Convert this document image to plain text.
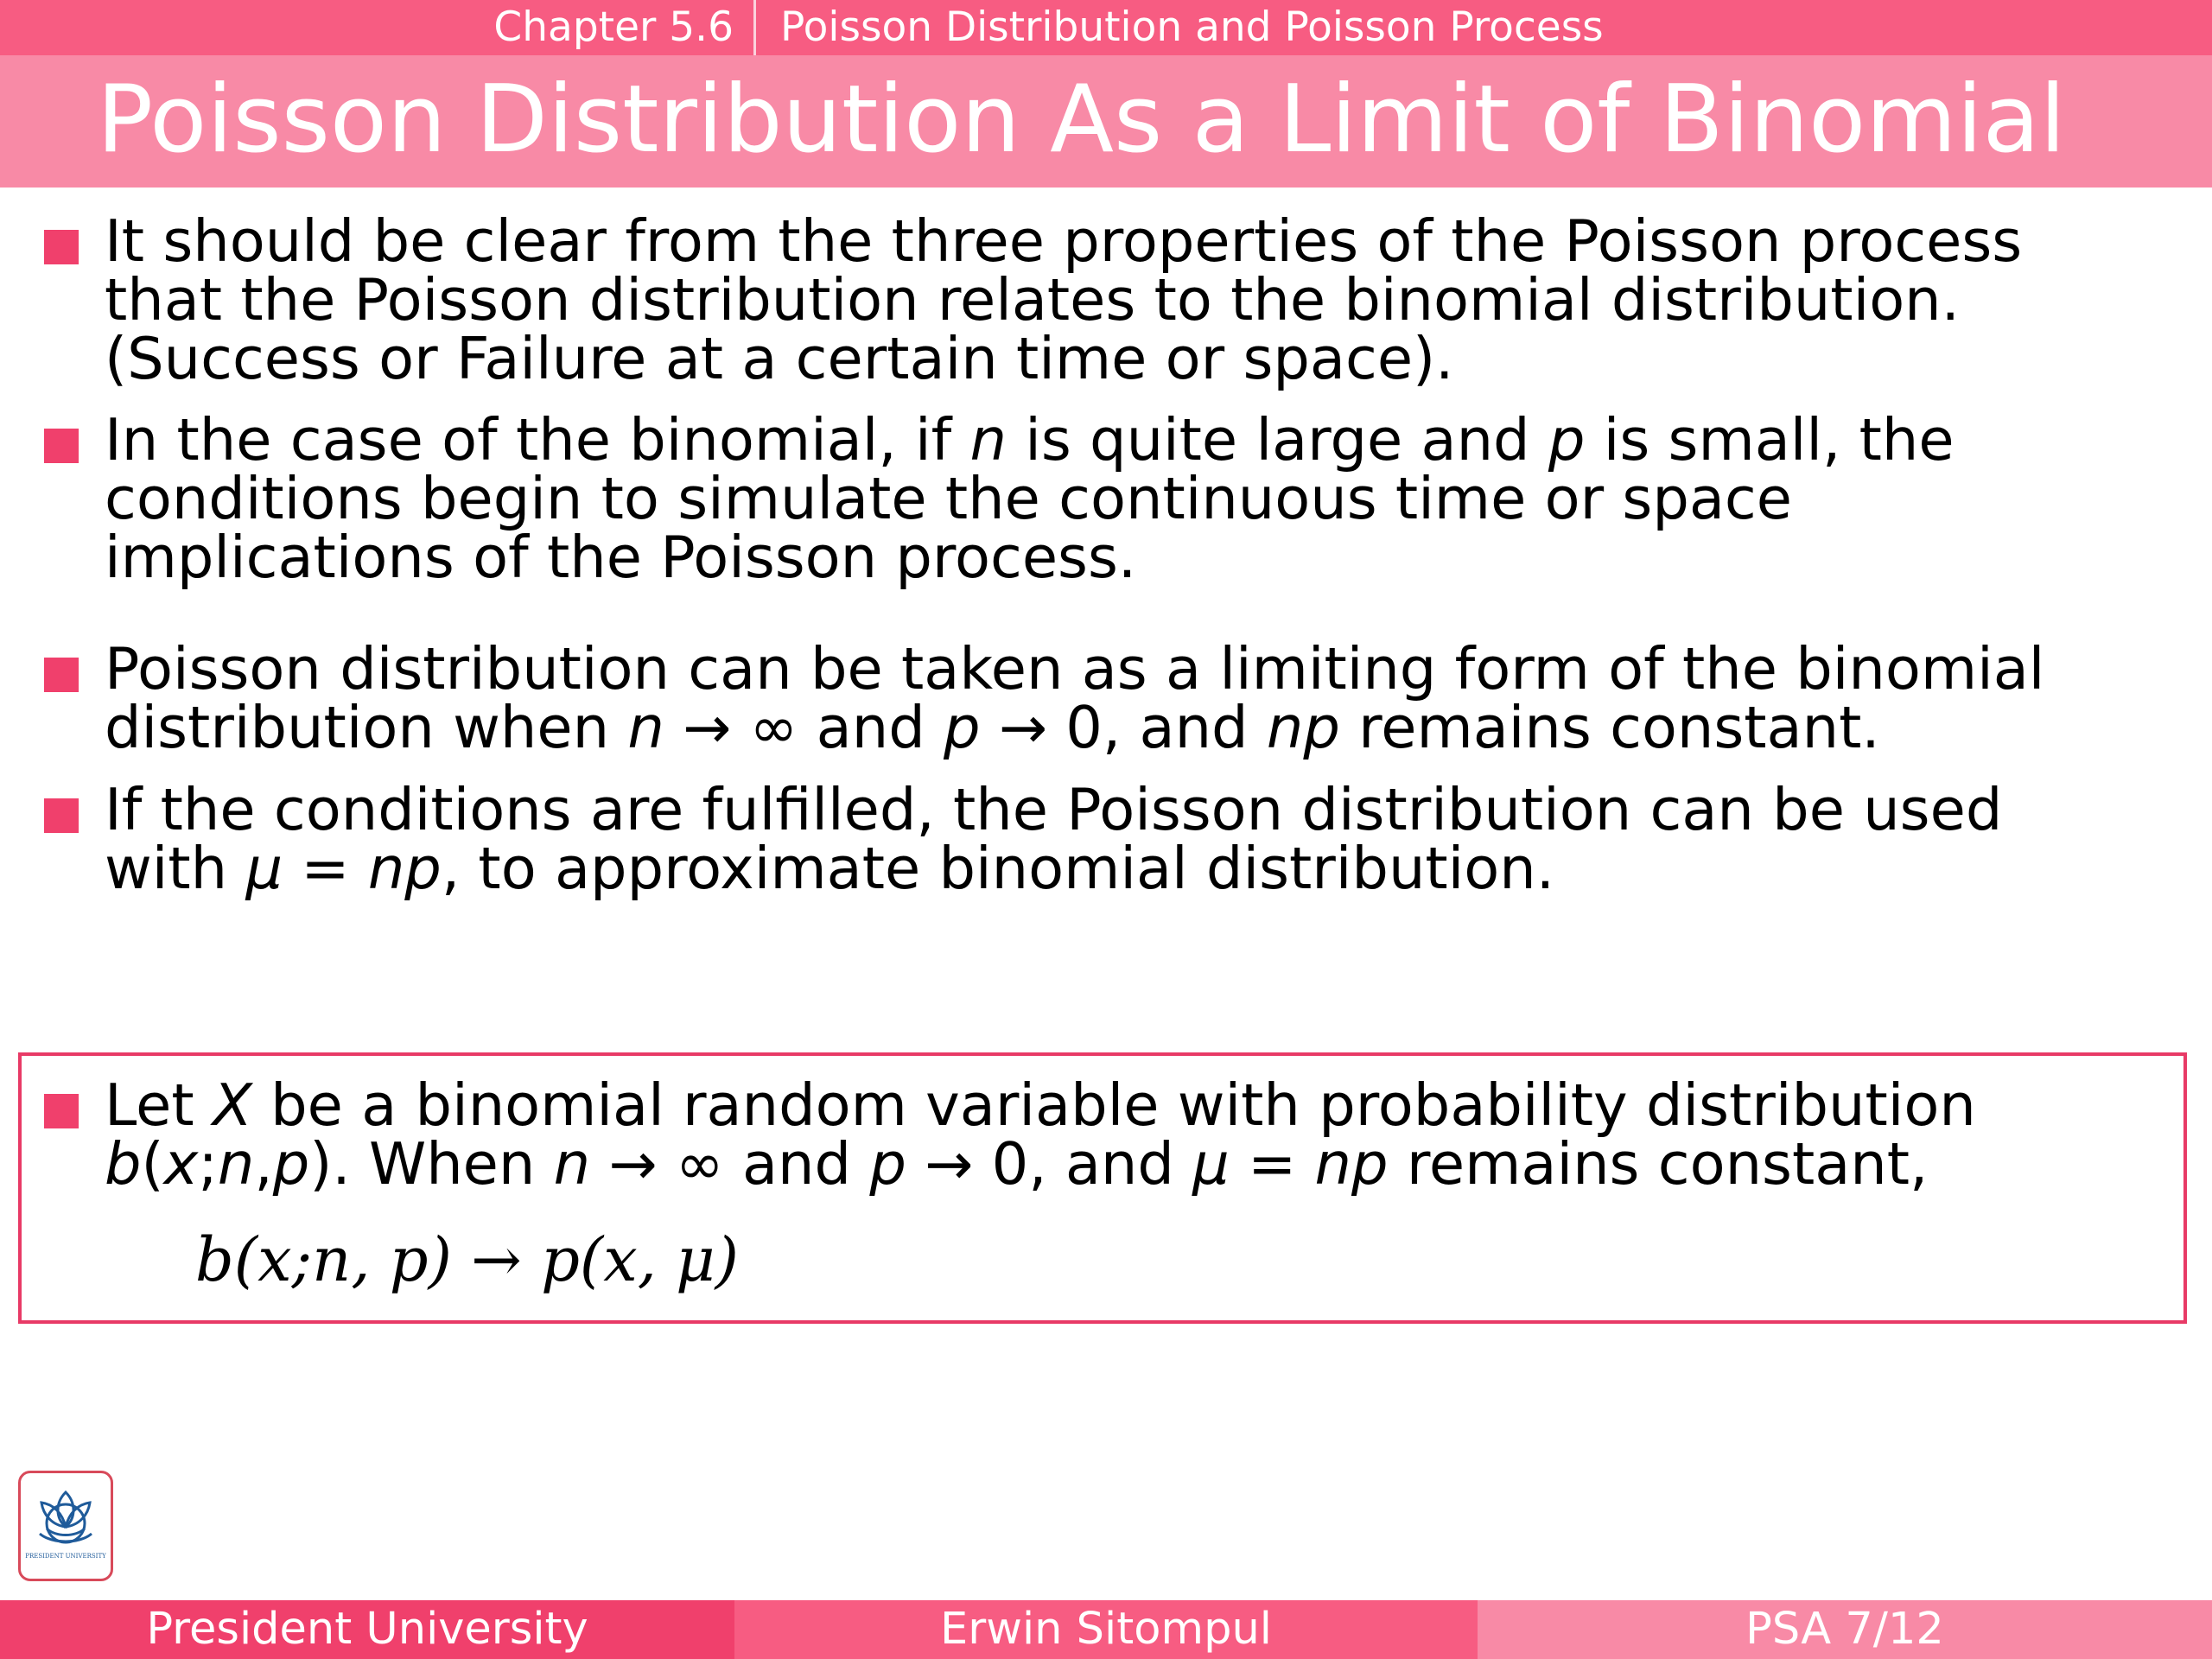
Chapter 5.6	Poisson Distribution and Poisson Process
Poisson Distribution As a Limit of Binomial
It should be clear from the three properties of the Poisson process
that the Poisson distribution relates to the binomial distribution.
(Success or Failure at a certain time or space).
In the case of the binomial, if n is quite large and p is small, the
conditions begin to simulate the continuous time or space
implications of the Poisson process.
Poisson distribution can be taken as a limiting form of the binomial
distribution when n → ∞ and p → 0, and np remains constant.
If the conditions are fulfilled, the Poisson distribution can be used
with μ = np, to approximate binomial distribution.
Let X be a binomial random variable with probability distribution
b(x;n,p). When n → ∞ and p → 0, and μ = np remains constant,
b(x;n, p) → p(x, μ)
PRESIDENT UNIVERSITY
President University	Erwin Sitompul	PSA 7/12
